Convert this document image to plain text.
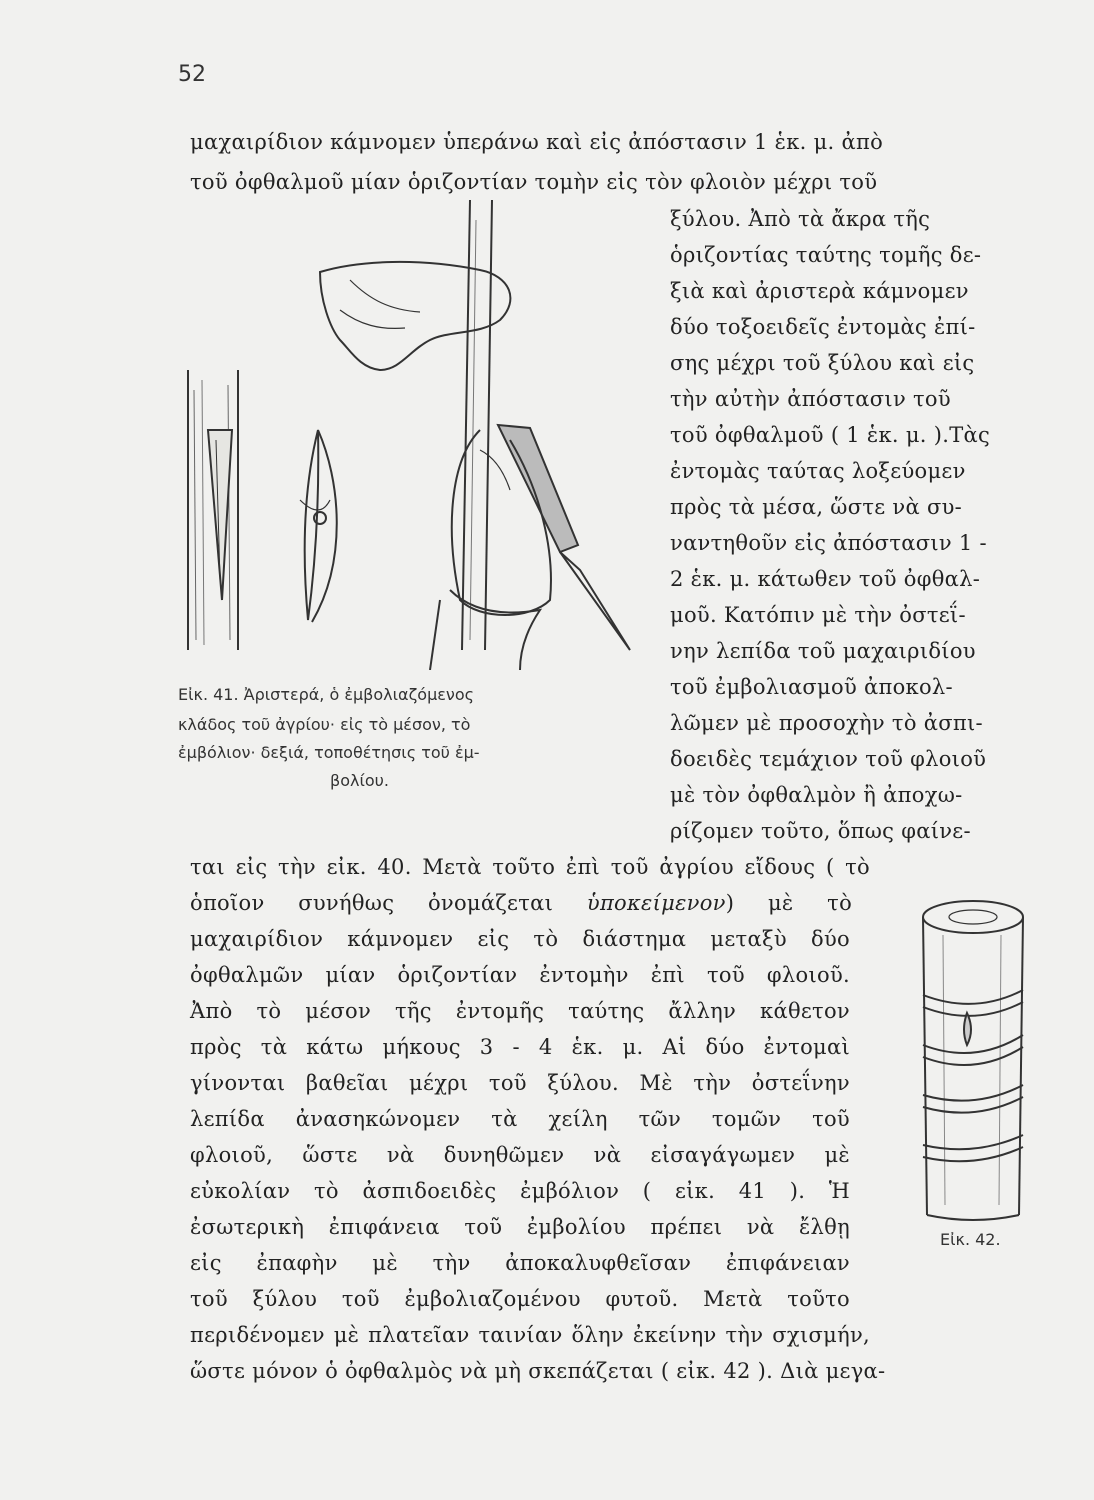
52
μαχαιρίδιον κάμνομεν ὑπεράνω καὶ εἰς ἀπόστασιν 1 ἑκ. μ. ἀπὸ
τοῦ ὀφθαλμοῦ μίαν ὁριζοντίαν τομὴν εἰς τὸν φλοιὸν μέχρι τοῦ
ξύλου. Ἀπὸ τὰ ἄκρα τῆς
ὁριζοντίας ταύτης τομῆς δε-
ξιὰ καὶ ἀριστερὰ κάμνομεν
δύο τοξοειδεῖς ἐντομὰς ἐπί-
σης μέχρι τοῦ ξύλου καὶ εἰς
τὴν αὐτὴν ἀπόστασιν τοῦ
τοῦ ὀφθαλμοῦ ( 1 ἑκ. μ. ).Τὰς
ἐντομὰς ταύτας λοξεύομεν
πρὸς τὰ μέσα, ὥστε νὰ συ-
ναντηθοῦν εἰς ἀπόστασιν 1 -
2 ἑκ. μ. κάτωθεν τοῦ ὀφθαλ-
μοῦ. Κατόπιν μὲ τὴν ὀστεΐ-
νην λεπίδα τοῦ μαχαιριδίου
τοῦ ἐμβολιασμοῦ ἀποκολ-
λῶμεν μὲ προσοχὴν τὸ ἀσπι-
δοειδὲς τεμάχιον τοῦ φλοιοῦ
μὲ τὸν ὀφθαλμὸν ἢ ἀποχω-
ρίζομεν τοῦτο, ὅπως φαίνε-
Εἰκ. 41. Ἀριστερά, ὁ ἐμβολιαζόμενος
κλάδος τοῦ ἀγρίου· εἰς τὸ μέσον, τὸ
ἐμβόλιον· δεξιά, τοποθέτησις τοῦ ἐμ-
βολίου.
ται εἰς τὴν εἰκ. 40. Μετὰ τοῦτο ἐπὶ τοῦ ἀγρίου εἴδους ( τὸ
ὁποῖον συνήθως ὀνομάζεται ὑποκείμενον) μὲ τὸ
μαχαιρίδιον κάμνομεν εἰς τὸ διάστημα μεταξὺ δύο
ὀφθαλμῶν μίαν ὁριζοντίαν ἐντομὴν ἐπὶ τοῦ φλοιοῦ.
Ἀπὸ τὸ μέσον τῆς ἐντομῆς ταύτης ἄλλην κάθετον
πρὸς τὰ κάτω μήκους 3 - 4 ἑκ. μ. Αἱ δύο ἐντομαὶ
γίνονται βαθεῖαι μέχρι τοῦ ξύλου. Μὲ τὴν ὀστεΐνην
λεπίδα ἀνασηκώνομεν τὰ χείλη τῶν τομῶν τοῦ
φλοιοῦ, ὥστε νὰ δυνηθῶμεν νὰ εἰσαγάγωμεν μὲ
εὐκολίαν τὸ ἀσπιδοειδὲς ἐμβόλιον ( εἰκ. 41 ). Ἡ
ἐσωτερικὴ ἐπιφάνεια τοῦ ἐμβολίου πρέπει νὰ ἔλθῃ
εἰς ἐπαφὴν μὲ τὴν ἀποκαλυφθεῖσαν ἐπιφάνειαν
τοῦ ξύλου τοῦ ἐμβολιαζομένου φυτοῦ. Μετὰ τοῦτο
Εἰκ. 42.
περιδένομεν μὲ πλατεῖαν ταινίαν ὅλην ἐκείνην τὴν σχισμήν,
ὥστε μόνον ὁ ὀφθαλμὸς νὰ μὴ σκεπάζεται ( εἰκ. 42 ). Διὰ μεγα-
